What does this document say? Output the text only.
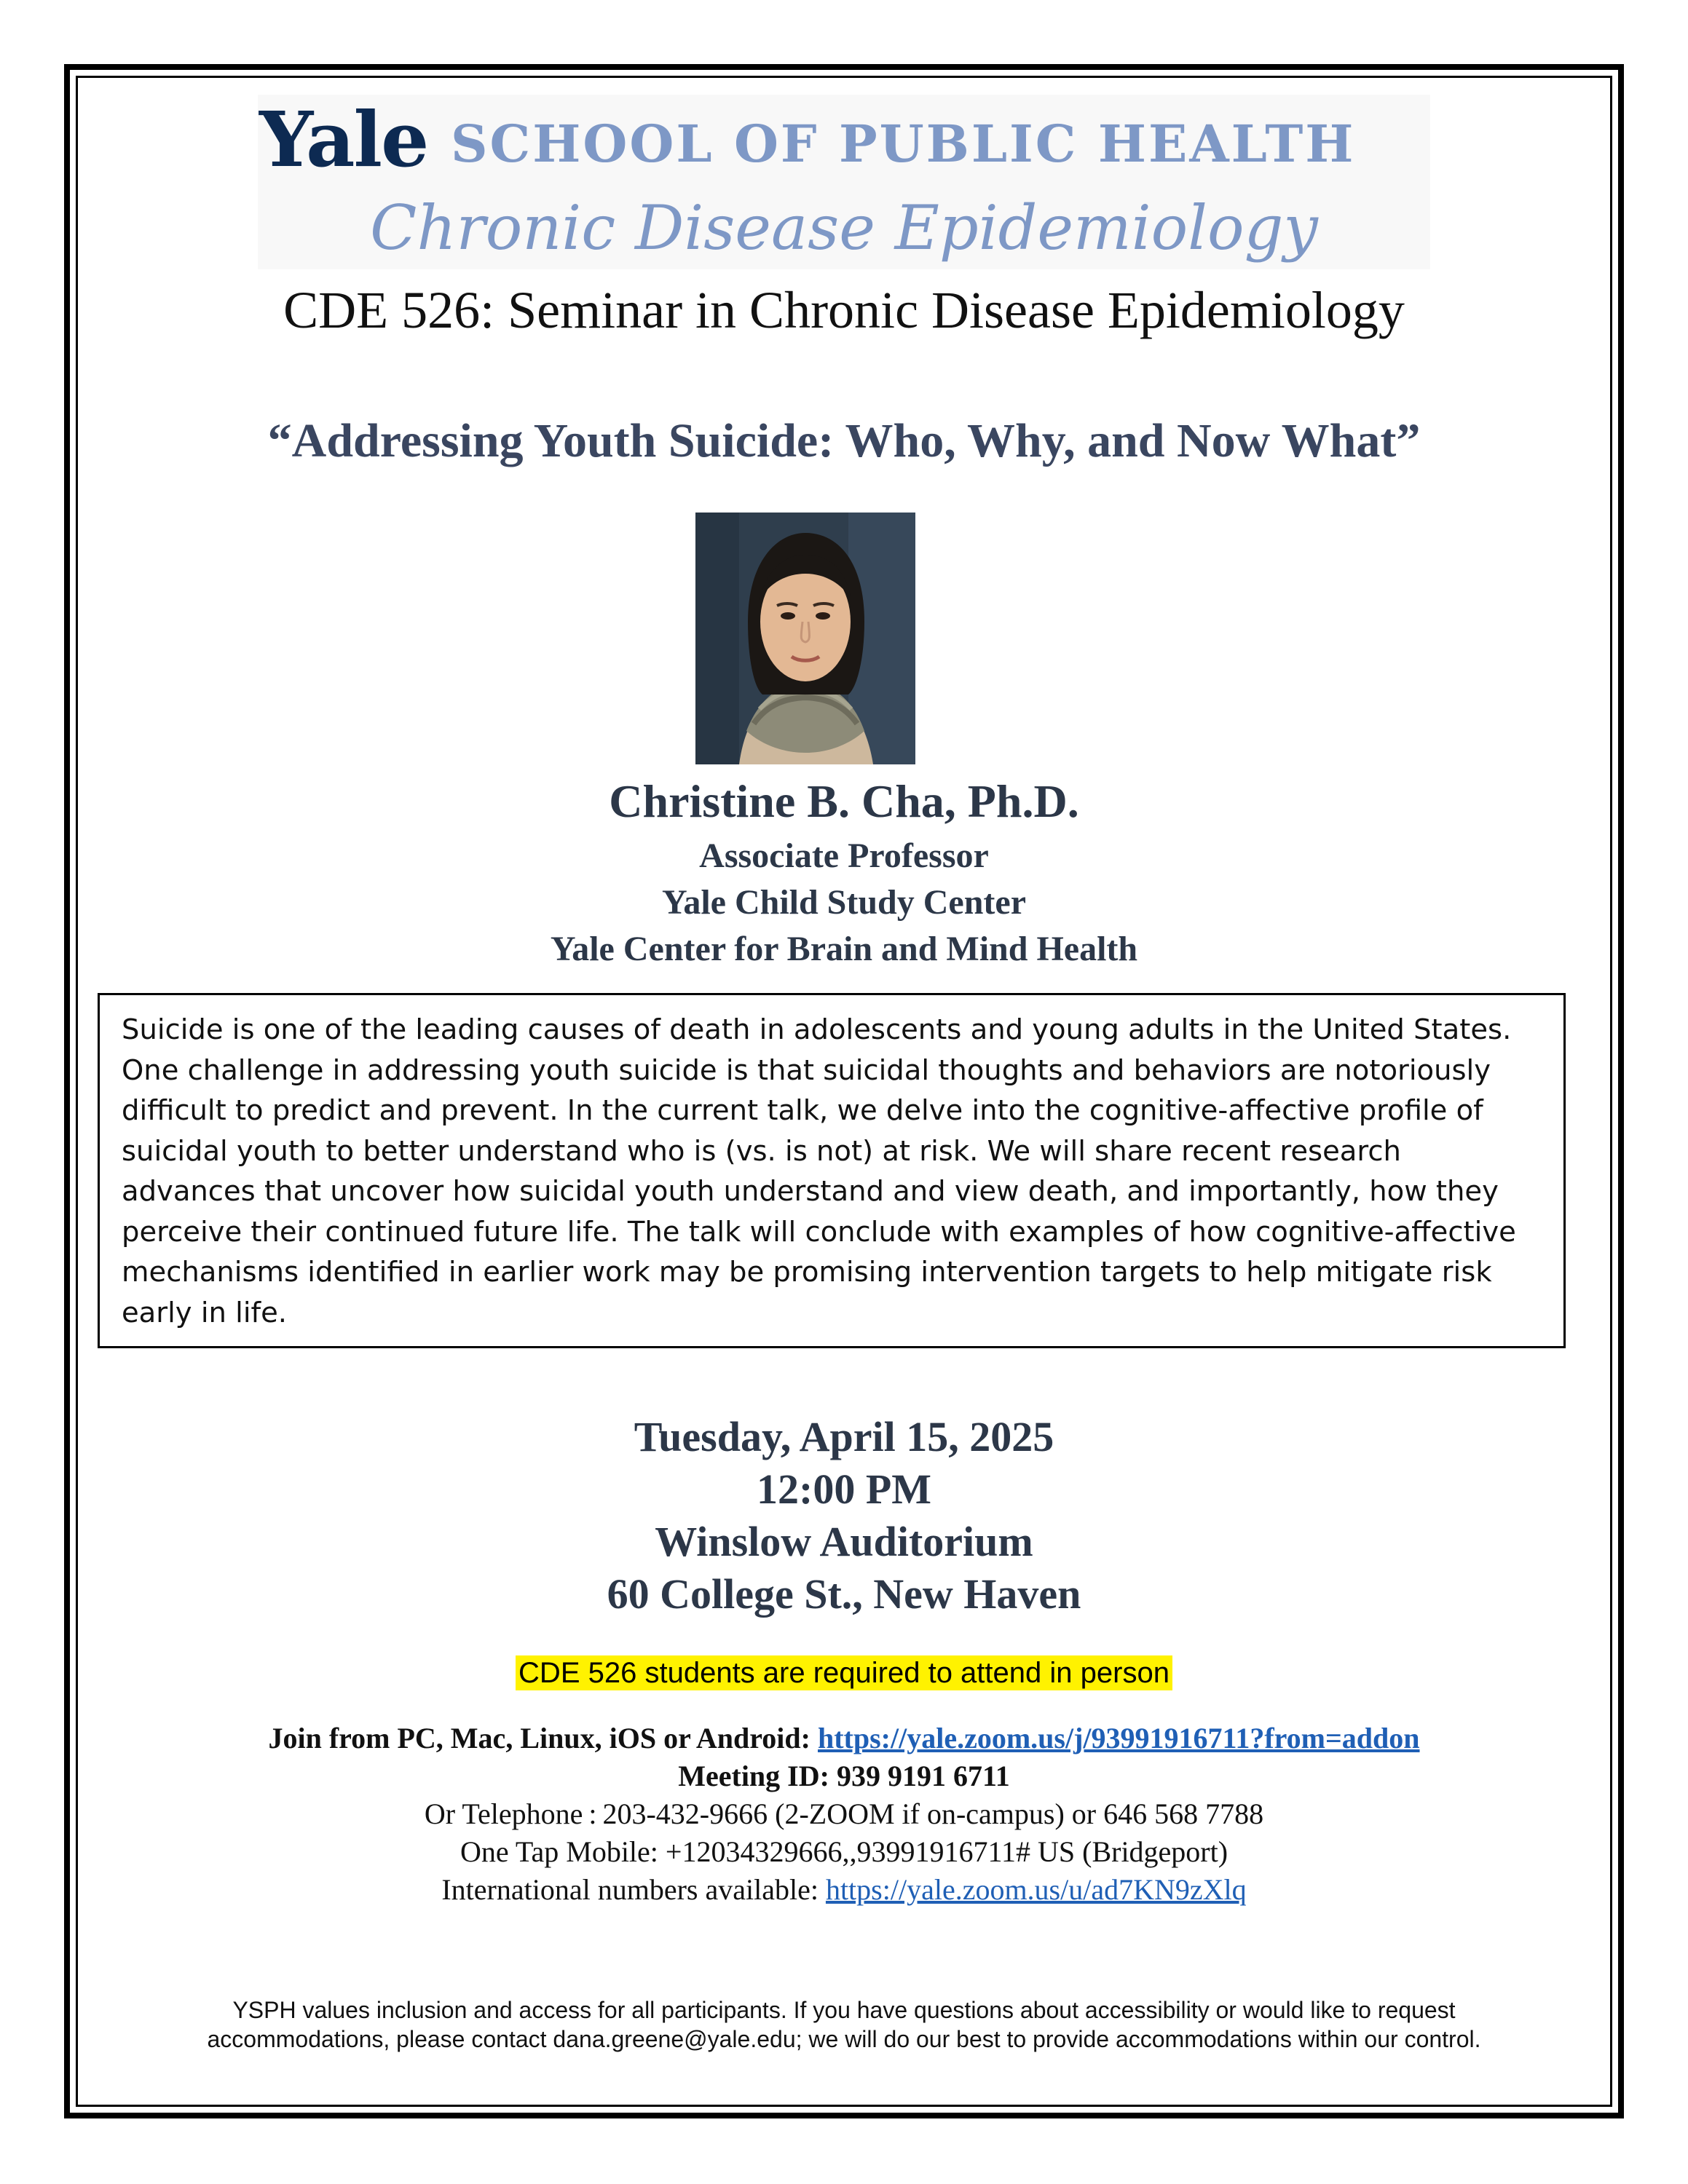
Yale SCHOOL OF PUBLIC HEALTH
Chronic Disease Epidemiology
CDE 526: Seminar in Chronic Disease Epidemiology
“Addressing Youth Suicide: Who, Why, and Now What”
Christine B. Cha, Ph.D.
Associate Professor
Yale Child Study Center
Yale Center for Brain and Mind Health
Suicide is one of the leading causes of death in adolescents and young adults in the United States.
One challenge in addressing youth suicide is that suicidal thoughts and behaviors are notoriously
difficult to predict and prevent. In the current talk, we delve into the cognitive-affective profile of
suicidal youth to better understand who is (vs. is not) at risk. We will share recent research
advances that uncover how suicidal youth understand and view death, and importantly, how they
perceive their continued future life. The talk will conclude with examples of how cognitive-affective
mechanisms identified in earlier work may be promising intervention targets to help mitigate risk
early in life.
Tuesday, April 15, 2025
12:00 PM
Winslow Auditorium
60 College St., New Haven
CDE 526 students are required to attend in person
Join from PC, Mac, Linux, iOS or Android: https://yale.zoom.us/j/93991916711?from=addon
Meeting ID: 939 9191 6711
Or Telephone : 203-432-9666 (2-ZOOM if on-campus) or 646 568 7788
One Tap Mobile: +12034329666,,93991916711# US (Bridgeport)
International numbers available: https://yale.zoom.us/u/ad7KN9zXlq
YSPH values inclusion and access for all participants. If you have questions about accessibility or would like to request
accommodations, please contact dana.greene@yale.edu; we will do our best to provide accommodations within our control.
